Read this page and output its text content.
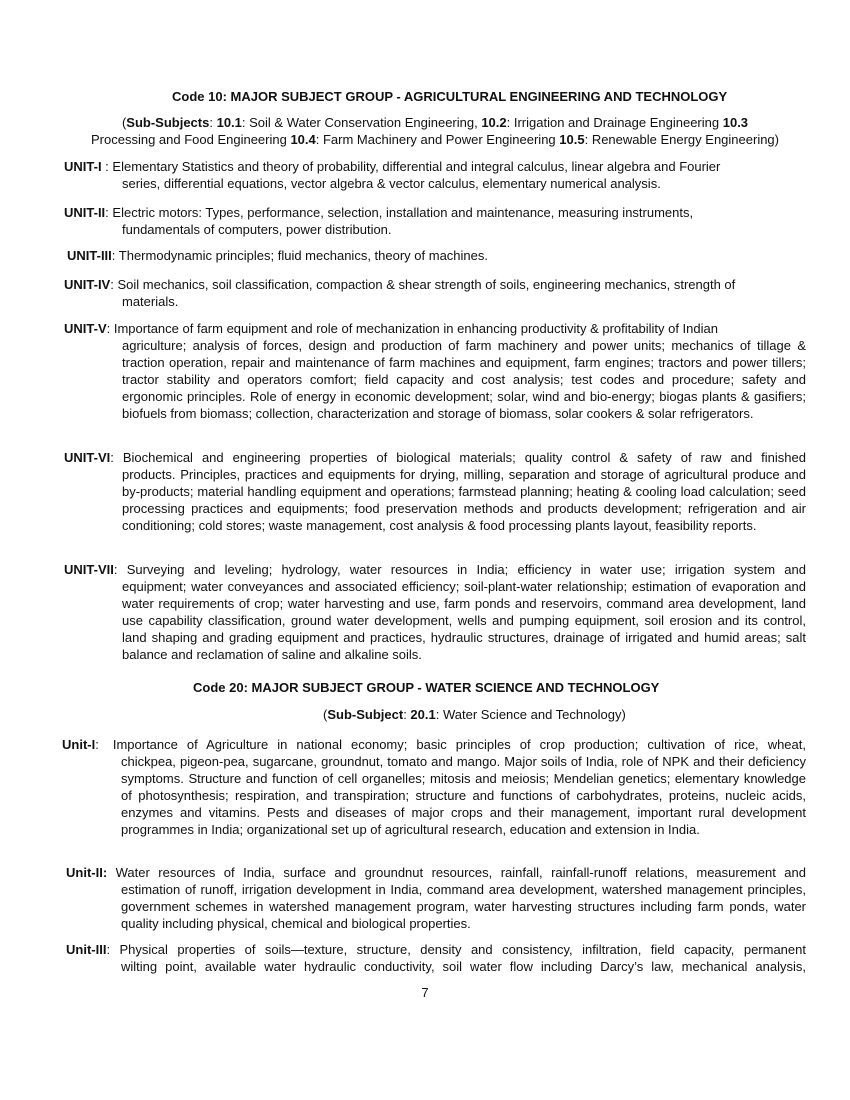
Code 10: MAJOR SUBJECT GROUP - AGRICULTURAL ENGINEERING AND TECHNOLOGY
(Sub-Subjects: 10.1: Soil & Water Conservation Engineering, 10.2: Irrigation and Drainage Engineering 10.3
Processing and Food Engineering 10.4: Farm Machinery and Power Engineering 10.5: Renewable Energy Engineering)
UNIT-I : Elementary Statistics and theory of probability, differential and integral calculus, linear algebra and Fourier
series, differential equations, vector algebra & vector calculus, elementary numerical analysis.
UNIT-II: Electric motors: Types, performance, selection, installation and maintenance, measuring instruments,
fundamentals of computers, power distribution.
UNIT-III: Thermodynamic principles; fluid mechanics, theory of machines.
UNIT-IV: Soil mechanics, soil classification, compaction & shear strength of soils, engineering mechanics, strength of
materials.
UNIT-V: Importance of farm equipment and role of mechanization in enhancing productivity & profitability of Indian
agriculture; analysis of forces, design and production of farm machinery and power units; mechanics of tillage & traction operation, repair and maintenance of farm machines and equipment, farm engines; tractors and power tillers; tractor stability and operators comfort; field capacity and cost analysis; test codes and procedure; safety and ergonomic principles. Role of energy in economic development; solar, wind and bio-energy; biogas plants & gasifiers; biofuels from biomass; collection, characterization and storage of biomass, solar cookers & solar refrigerators.
UNIT-VI: Biochemical and engineering properties of biological materials; quality control & safety of raw and finished
products. Principles, practices and equipments for drying, milling, separation and storage of agricultural produce and by-products; material handling equipment and operations; farmstead planning; heating & cooling load calculation; seed processing practices and equipments; food preservation methods and products development; refrigeration and air conditioning; cold stores; waste management, cost analysis & food processing plants layout, feasibility reports.
UNIT-VII: Surveying and leveling; hydrology, water resources in India; efficiency in water use; irrigation system and
equipment; water conveyances and associated efficiency; soil-plant-water relationship; estimation of evaporation and water requirements of crop; water harvesting and use, farm ponds and reservoirs, command area development, land use capability classification, ground water development, wells and pumping equipment, soil erosion and its control, land shaping and grading equipment and practices, hydraulic structures, drainage of irrigated and humid areas; salt balance and reclamation of saline and alkaline soils.
Code 20: MAJOR SUBJECT GROUP - WATER SCIENCE AND TECHNOLOGY
(Sub-Subject: 20.1: Water Science and Technology)
Unit-I: Importance of Agriculture in national economy; basic principles of crop production; cultivation of rice, wheat,
chickpea, pigeon-pea, sugarcane, groundnut, tomato and mango. Major soils of India, role of NPK and their deficiency symptoms. Structure and function of cell organelles; mitosis and meiosis; Mendelian genetics; elementary knowledge of photosynthesis; respiration, and transpiration; structure and functions of carbohydrates, proteins, nucleic acids, enzymes and vitamins. Pests and diseases of major crops and their management, important rural development programmes in India; organizational set up of agricultural research, education and extension in India.
Unit-II: Water resources of India, surface and groundnut resources, rainfall, rainfall-runoff relations, measurement and
estimation of runoff, irrigation development in India, command area development, watershed management principles, government schemes in watershed management program, water harvesting structures including farm ponds, water quality including physical, chemical and biological properties.
Unit-III: Physical properties of soils—texture, structure, density and consistency, infiltration, field capacity, permanent
wilting point, available water hydraulic conductivity, soil water flow including Darcy’s law, mechanical analysis,
7
